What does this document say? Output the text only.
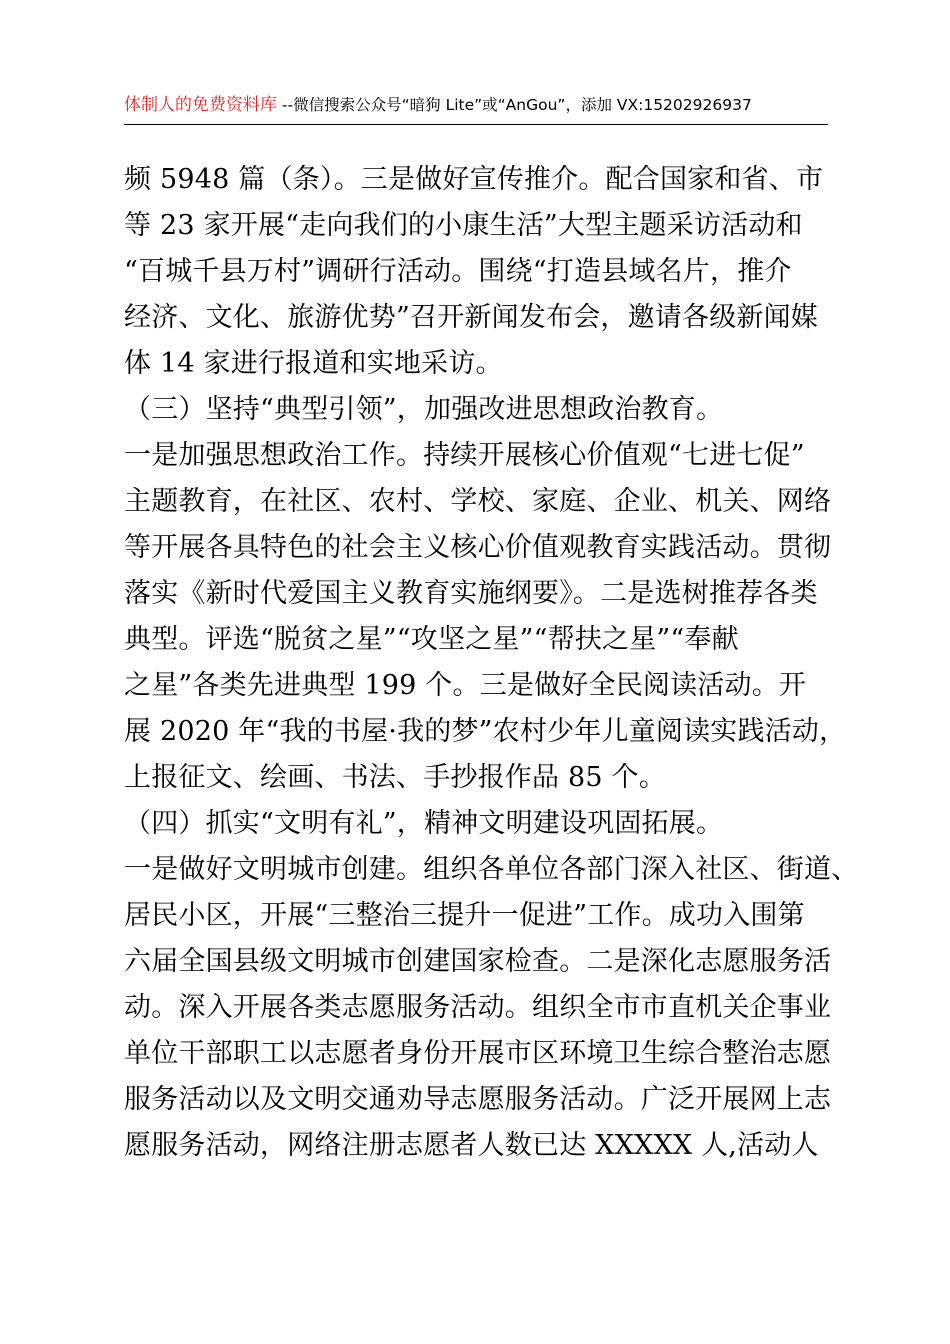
体制人的免费资料库 --微信搜索公众号“暗狗 Lite”或“AnGou”，添加 VX:15202926937
频 5948 篇（条）。三是做好宣传推介。配合国家和省、市
等 23 家开展“走向我们的小康生活”大型主题采访活动和
“百城千县万村”调研行活动。围绕“打造县域名片，推介
经济、文化、旅游优势”召开新闻发布会，邀请各级新闻媒
体 14 家进行报道和实地采访。
（三）坚持“典型引领”，加强改进思想政治教育。
一是加强思想政治工作。持续开展核心价值观“七进七促”
主题教育，在社区、农村、学校、家庭、企业、机关、网络
等开展各具特色的社会主义核心价值观教育实践活动。贯彻
落实《新时代爱国主义教育实施纲要》。二是选树推荐各类
典型。评选“脱贫之星”“攻坚之星”“帮扶之星”“奉献
之星”各类先进典型 199 个。三是做好全民阅读活动。开
展 2020 年“我的书屋·我的梦”农村少年儿童阅读实践活动，
上报征文、绘画、书法、手抄报作品 85 个。
（四）抓实“文明有礼”，精神文明建设巩固拓展。
一是做好文明城市创建。组织各单位各部门深入社区、街道、
居民小区，开展“三整治三提升一促进”工作。成功入围第
六届全国县级文明城市创建国家检查。二是深化志愿服务活
动。深入开展各类志愿服务活动。组织全市市直机关企事业
单位干部职工以志愿者身份开展市区环境卫生综合整治志愿
服务活动以及文明交通劝导志愿服务活动。广泛开展网上志
愿服务活动，网络注册志愿者人数已达 XXXXX 人,活动人
